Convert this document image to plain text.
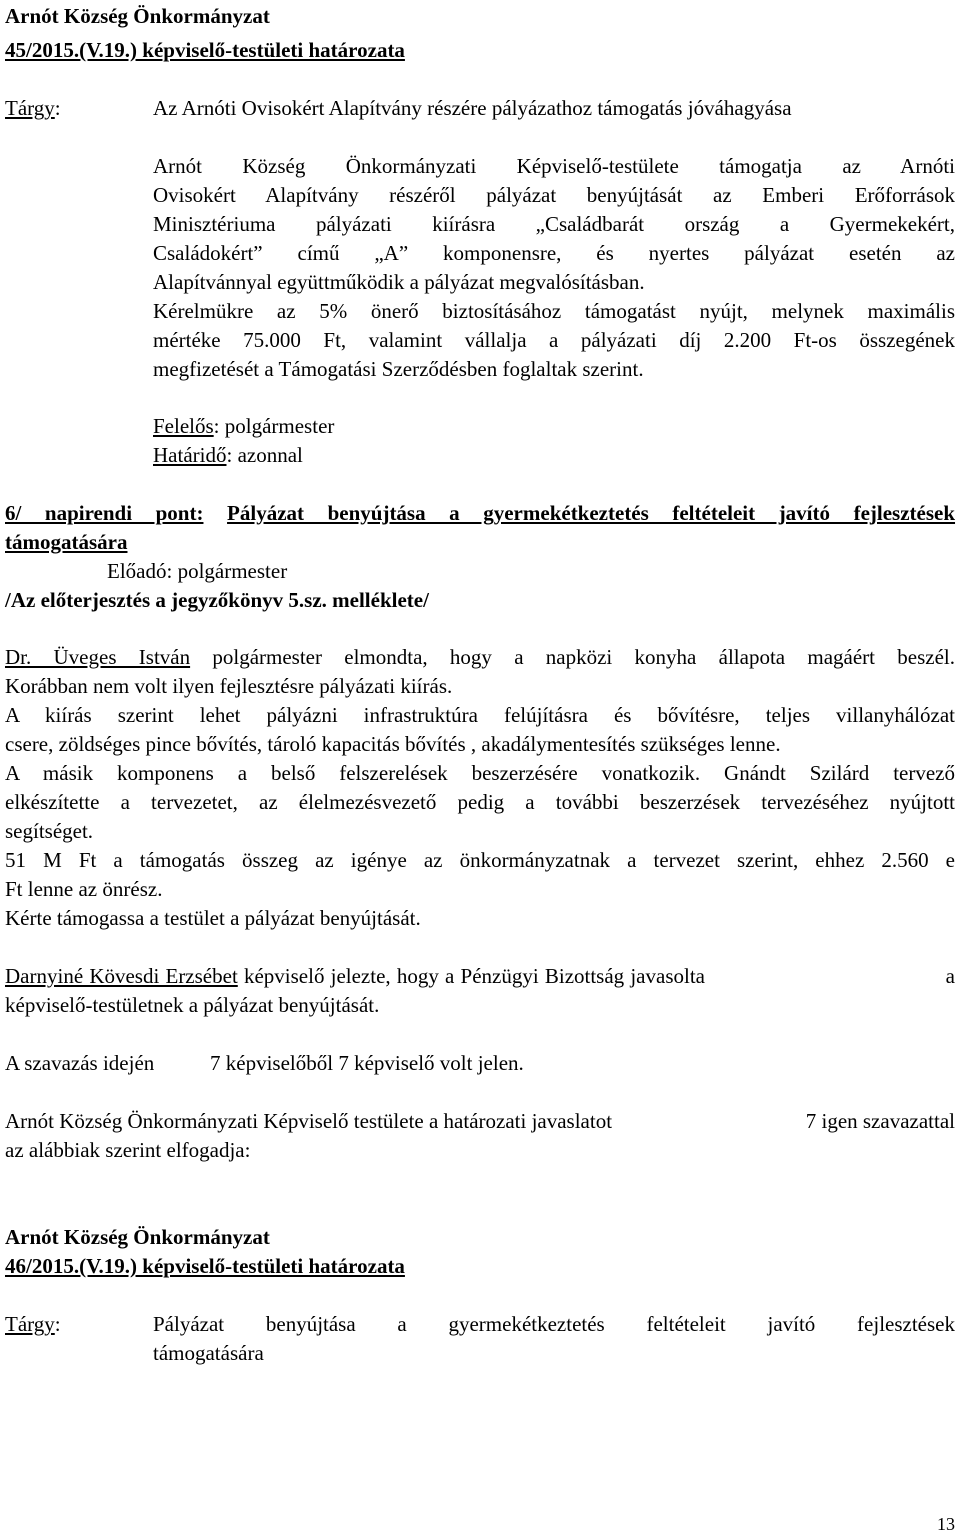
Arnót Község Önkormányzat
45/2015.(V.19.) képviselő-testületi határozata
Tárgy:	Az Arnóti Ovisokért Alapítvány részére pályázathoz támogatás jóváhagyása
Arnót Község Önkormányzati Képviselő-testülete támogatja az Arnóti
Ovisokért Alapítvány részéről pályázat benyújtását az Emberi Erőforrások
Minisztériuma pályázati kiírásra „Családbarát ország a Gyermekekért,
Családokért” című „A” komponensre, és nyertes pályázat esetén az
Alapítvánnyal együttműködik a pályázat megvalósításban.
Kérelmükre az 5% önerő biztosításához támogatást nyújt, melynek maximális
mértéke 75.000 Ft, valamint vállalja a pályázati díj 2.200 Ft-os összegének
megfizetését a Támogatási Szerződésben foglaltak szerint.
Felelős: polgármester
Határidő: azonnal
6/ napirendi pont: Pályázat benyújtása a gyermekétkeztetés feltételeit javító fejlesztések
támogatására
Előadó: polgármester
/Az előterjesztés a jegyzőkönyv 5.sz. melléklete/
Dr. Üveges István polgármester elmondta, hogy a napközi konyha állapota magáért beszél.
Korábban nem volt ilyen fejlesztésre pályázati kiírás.
A kiírás szerint lehet pályázni infrastruktúra felújításra és bővítésre, teljes villanyhálózat
csere, zöldséges pince bővítés, tároló kapacitás bővítés , akadálymentesítés szükséges lenne.
A másik komponens a belső felszerelések beszerzésére vonatkozik. Gnándt Szilárd tervező
elkészítette a tervezetet, az élelmezésvezető pedig a további beszerzések tervezéséhez nyújtott
segítséget.
51 M Ft a támogatás összeg az igénye az önkormányzatnak a tervezet szerint, ehhez 2.560 e
Ft lenne az önrész.
Kérte támogassa a testület a pályázat benyújtását.
Darnyiné Kövesdi Erzsébet képviselő jelezte, hogy a Pénzügyi Bizottság javasolta	a
képviselő-testületnek a pályázat benyújtását.
A szavazás idején	7 képviselőből 7 képviselő volt jelen.
Arnót Község Önkormányzati Képviselő testülete a határozati javaslatot	7 igen szavazattal
az alábbiak szerint elfogadja:
Arnót Község Önkormányzat
46/2015.(V.19.) képviselő-testületi határozata
Tárgy:	Pályázat benyújtása a gyermekétkeztetés feltételeit javító fejlesztések
támogatására
13
